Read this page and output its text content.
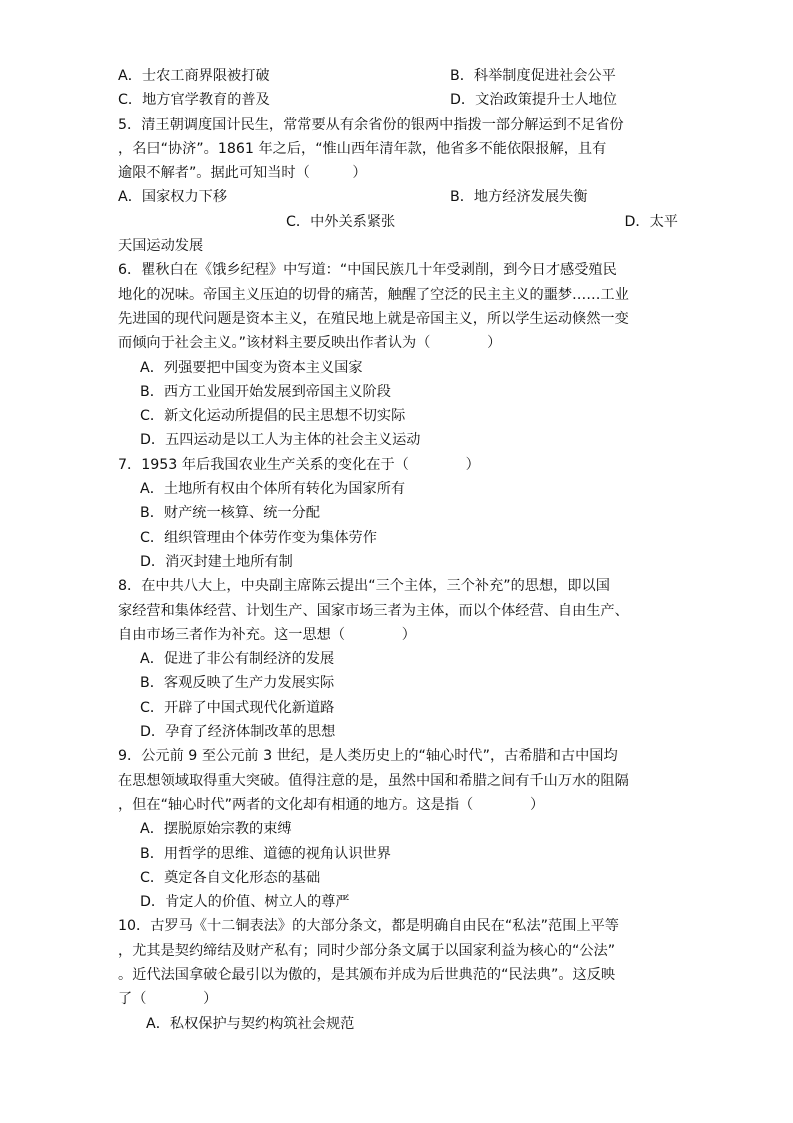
A．士农工商界限被打破	B．科举制度促进社会公平
C．地方官学教育的普及	D．文治政策提升士人地位
5．清王朝调度国计民生，常常要从有余省份的银两中指拨一部分解运到不足省份
，名曰“协济”。1861 年之后，“惟山西年清年款，他省多不能依限报解，且有
逾限不解者”。据此可知当时（　　　）
A．国家权力下移	B．地方经济发展失衡
C．中外关系紧张	D．太平
天国运动发展
6．瞿秋白在《饿乡纪程》中写道：“中国民族几十年受剥削，到今日才感受殖民
地化的况味。帝国主义压迫的切骨的痛苦，触醒了空泛的民主主义的噩梦……工业
先进国的现代问题是资本主义，在殖民地上就是帝国主义，所以学生运动倏然一变
而倾向于社会主义。”该材料主要反映出作者认为（　　　　）
A．列强要把中国变为资本主义国家
B．西方工业国开始发展到帝国主义阶段
C．新文化运动所提倡的民主思想不切实际
D．五四运动是以工人为主体的社会主义运动
7．1953 年后我国农业生产关系的变化在于（　　　　）
A．土地所有权由个体所有转化为国家所有
B．财产统一核算、统一分配
C．组织管理由个体劳作变为集体劳作
D．消灭封建土地所有制
8．在中共八大上，中央副主席陈云提出“三个主体，三个补充”的思想，即以国
家经营和集体经营、计划生产、国家市场三者为主体，而以个体经营、自由生产、
自由市场三者作为补充。这一思想（　　　　）
A．促进了非公有制经济的发展
B．客观反映了生产力发展实际
C．开辟了中国式现代化新道路
D．孕育了经济体制改革的思想
9．公元前 9 至公元前 3 世纪，是人类历史上的“轴心时代”，古希腊和古中国均
在思想领域取得重大突破。值得注意的是，虽然中国和希腊之间有千山万水的阻隔
，但在“轴心时代”两者的文化却有相通的地方。这是指（　　　　）
A．摆脱原始宗教的束缚
B．用哲学的思维、道德的视角认识世界
C．奠定各自文化形态的基础
D．肯定人的价值、树立人的尊严
10．古罗马《十二铜表法》的大部分条文，都是明确自由民在“私法”范围上平等
，尤其是契约缔结及财产私有；同时少部分条文属于以国家利益为核心的“公法”
。近代法国拿破仑最引以为傲的，是其颁布并成为后世典范的“民法典”。这反映
了（　　　　）
A．私权保护与契约构筑社会规范
